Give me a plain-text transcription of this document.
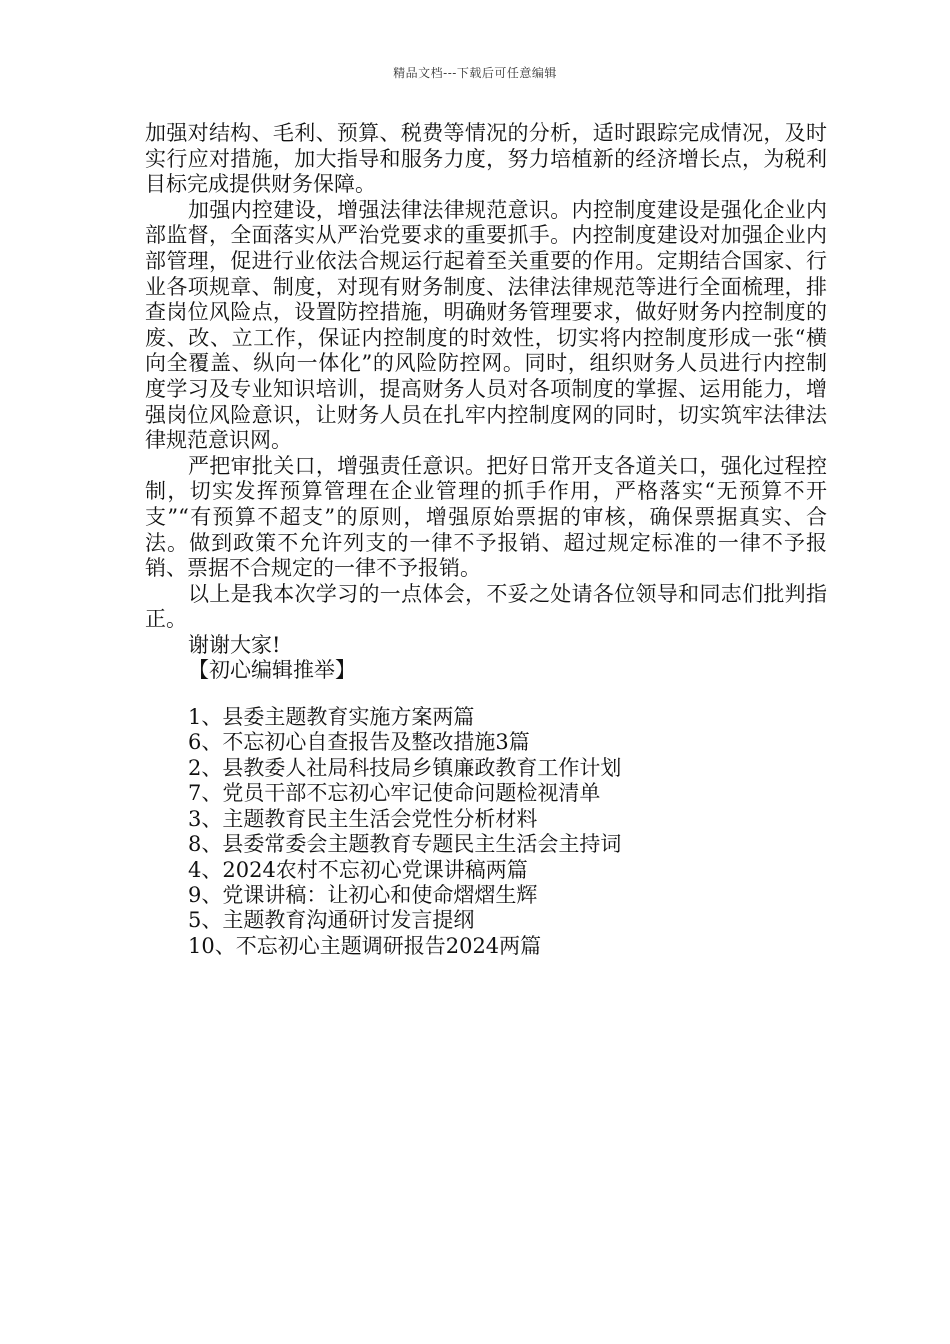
精品文档---下载后可任意编辑

加强对结构、毛利、预算、税费等情况的分析，适时跟踪完成情况，及时实行应对措施，加大指导和服务力度，努力培植新的经济增长点，为税利目标完成提供财务保障。

加强内控建设，增强法律法律规范意识。内控制度建设是强化企业内部监督，全面落实从严治党要求的重要抓手。内控制度建设对加强企业内部管理，促进行业依法合规运行起着至关重要的作用。定期结合国家、行业各项规章、制度，对现有财务制度、法律法律规范等进行全面梳理，排查岗位风险点，设置防控措施，明确财务管理要求，做好财务内控制度的废、改、立工作，保证内控制度的时效性，切实将内控制度形成一张“横向全覆盖、纵向一体化”的风险防控网。同时，组织财务人员进行内控制度学习及专业知识培训，提高财务人员对各项制度的掌握、运用能力，增强岗位风险意识，让财务人员在扎牢内控制度网的同时，切实筑牢法律法律规范意识网。

严把审批关口，增强责任意识。把好日常开支各道关口，强化过程控制，切实发挥预算管理在企业管理的抓手作用，严格落实“无预算不开支”“有预算不超支”的原则，增强原始票据的审核，确保票据真实、合法。做到政策不允许列支的一律不予报销、超过规定标准的一律不予报销、票据不合规定的一律不予报销。

以上是我本次学习的一点体会，不妥之处请各位领导和同志们批判指正。

谢谢大家!

【初心编辑推举】

1、县委主题教育实施方案两篇
6、不忘初心自查报告及整改措施3篇
2、县教委人社局科技局乡镇廉政教育工作计划
7、党员干部不忘初心牢记使命问题检视清单
3、主题教育民主生活会党性分析材料
8、县委常委会主题教育专题民主生活会主持词
4、2024农村不忘初心党课讲稿两篇
9、党课讲稿：让初心和使命熠熠生辉
5、主题教育沟通研讨发言提纲
10、不忘初心主题调研报告2024两篇
